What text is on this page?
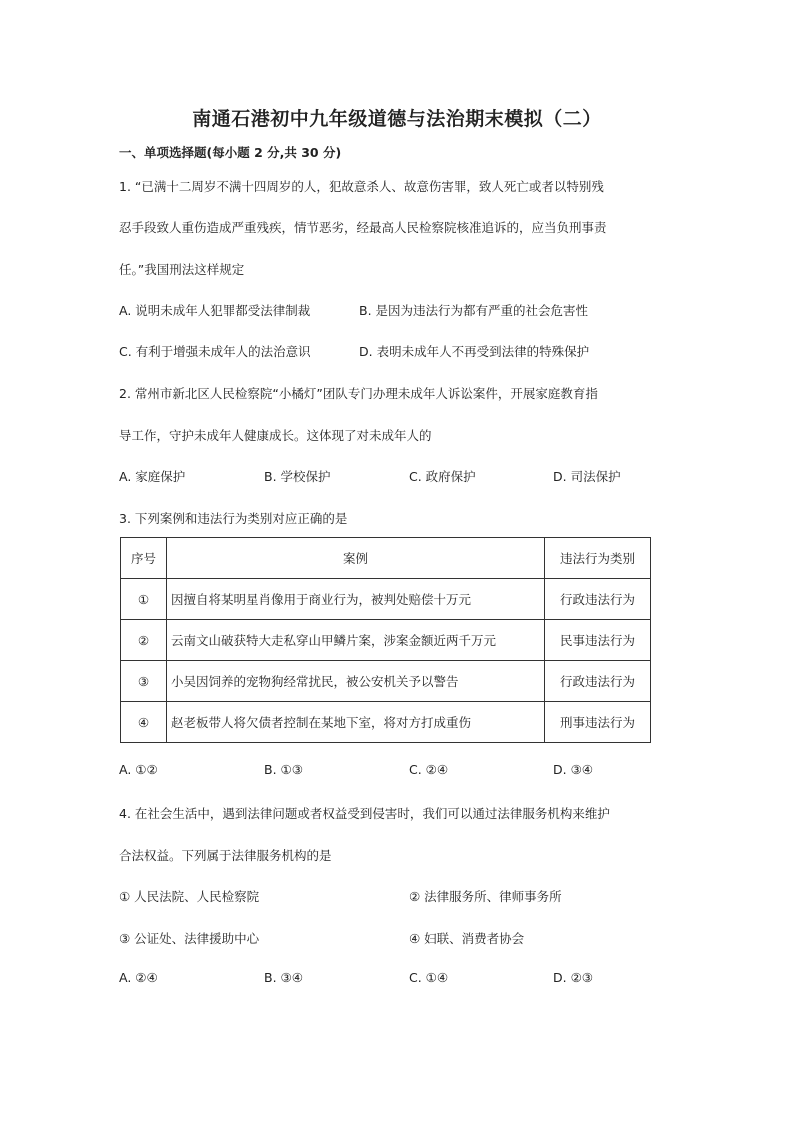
南通石港初中九年级道德与法治期末模拟（二）
一、单项选择题(每小题 2 分,共 30 分)
1. “已满十二周岁不满十四周岁的人，犯故意杀人、故意伤害罪，致人死亡或者以特别残
忍手段致人重伤造成严重残疾，情节恶劣，经最高人民检察院核准追诉的，应当负刑事责
任。”我国刑法这样规定
A. 说明未成年人犯罪都受法律制裁	B. 是因为违法行为都有严重的社会危害性
C. 有利于增强未成年人的法治意识	D. 表明未成年人不再受到法律的特殊保护
2. 常州市新北区人民检察院“小橘灯”团队专门办理未成年人诉讼案件，开展家庭教育指
导工作，守护未成年人健康成长。这体现了对未成年人的
A. 家庭保护	B. 学校保护	C. 政府保护	D. 司法保护
3. 下列案例和违法行为类别对应正确的是
序号	案例	违法行为类别
①	因擅自将某明星肖像用于商业行为，被判处赔偿十万元	行政违法行为
②	云南文山破获特大走私穿山甲鳞片案，涉案金额近两千万元	民事违法行为
③	小吴因饲养的宠物狗经常扰民，被公安机关予以警告	行政违法行为
④	赵老板带人将欠债者控制在某地下室，将对方打成重伤	刑事违法行为
A. ①②	B. ①③	C. ②④	D. ③④
4. 在社会生活中，遇到法律问题或者权益受到侵害时，我们可以通过法律服务机构来维护
合法权益。下列属于法律服务机构的是
① 人民法院、人民检察院	② 法律服务所、律师事务所
③ 公证处、法律援助中心	④ 妇联、消费者协会
A. ②④	B. ③④	C. ①④	D. ②③
